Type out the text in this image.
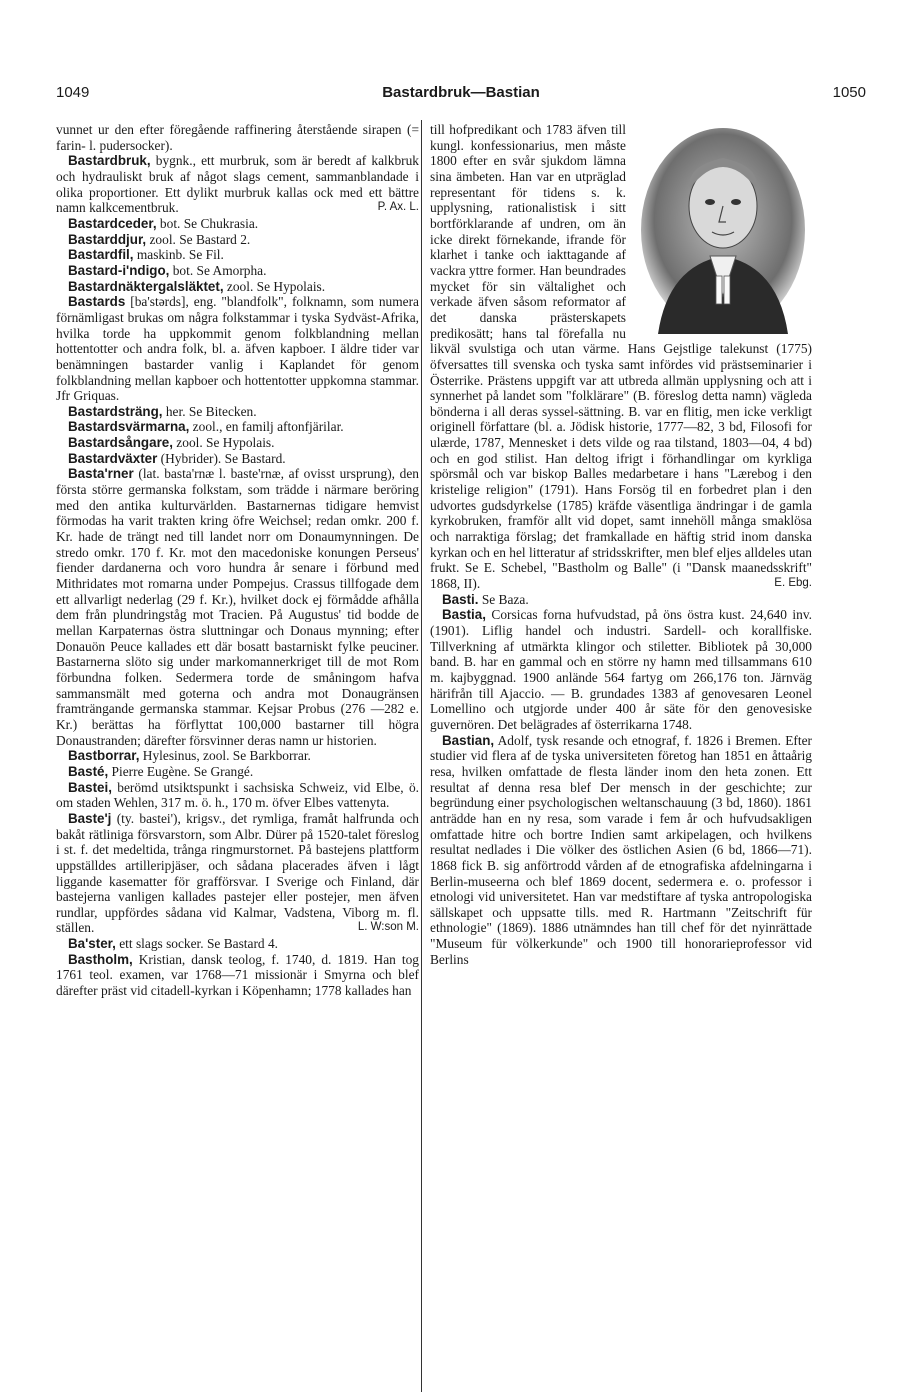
1049	Bastardbruk—Bastian	1050

vunnet ur den efter föregående raffinering återstående sirapen (= farin- l. pudersocker).

Bastardbruk, bygnk., ett murbruk, som är beredt af kalkbruk och hydrauliskt bruk af något slags cement, sammanblandade i olika proportioner. Ett dylikt murbruk kallas ock med ett bättre namn kalkcementbruk.	P. Ax. L.

Bastardceder, bot. Se Chukrasia.

Bastarddjur, zool. Se Bastard 2.

Bastardfil, maskinb. Se Fil.

Bastard-i'ndigo, bot. Se Amorpha.

Bastardnäktergalsläktet, zool. Se Hypolais.

Bastards [ba'stərds], eng. "blandfolk", folknamn, som numera förnämligast brukas om några folkstammar i tyska Sydväst-Afrika, hvilka torde ha uppkommit genom folkblandning mellan hottentotter och andra folk, bl. a. äfven kapboer. I äldre tider var benämningen bastarder vanlig i Kaplandet för genom folkblandning mellan kapboer och hottentotter uppkomna stammar. Jfr Griquas.

Bastardsträng, her. Se Bitecken.

Bastardsvärmarna, zool., en familj aftonfjärilar.

Bastardsångare, zool. Se Hypolais.

Bastardväxter (Hybrider). Se Bastard.

Basta'rner (lat. basta'rnæ l. baste'rnæ, af ovisst ursprung), den första större germanska folkstam, som trädde i närmare beröring med den antika kulturvärlden. Bastarnernas tidigare hemvist förmodas ha varit trakten kring öfre Weichsel; redan omkr. 200 f. Kr. hade de trängt ned till landet norr om Donaumynningen. De stredo omkr. 170 f. Kr. mot den macedoniske konungen Perseus' fiender dardanerna och voro hundra år senare i förbund med Mithridates mot romarna under Pompejus. Crassus tillfogade dem ett allvarligt nederlag (29 f. Kr.), hvilket dock ej förmådde afhålla dem från plundringståg mot Tracien. På Augustus' tid bodde de mellan Karpaternas östra sluttningar och Donaus mynning; efter Donauön Peuce kallades ett där bosatt bastarniskt fylke peuciner. Bastarnerna slöto sig under markomannerkriget till de mot Rom förbundna folken. Sedermera torde de småningom hafva sammansmält med goterna och andra mot Donaugränsen framträngande germanska stammar. Kejsar Probus (276 —282 e. Kr.) berättas ha förflyttat 100,000 bastarner till högra Donaustranden; därefter försvinner deras namn ur historien.

Bastborrar, Hylesinus, zool. Se Barkborrar.

Basté, Pierre Eugène. Se Grangé.

Bastei, berömd utsiktspunkt i sachsiska Schweiz, vid Elbe, ö. om staden Wehlen, 317 m. ö. h., 170 m. öfver Elbes vattenyta.

Baste'j (ty. bastei'), krigsv., det rymliga, framåt halfrunda och bakåt rätliniga försvarstorn, som Albr. Dürer på 1520-talet föreslog i st. f. det medeltida, trånga ringmurstornet. På bastejens plattform uppställdes artilleripjäser, och sådana placerades äfven i lågt liggande kasematter för grafförsvar. I Sverige och Finland, där bastejerna vanligen kallades pastejer eller postejer, men äfven rundlar, uppfördes sådana vid Kalmar, Vadstena, Viborg m. fl. ställen.	L. W:son M.

Ba'ster, ett slags socker. Se Bastard 4.

Bastholm, Kristian, dansk teolog, f. 1740, d. 1819. Han tog 1761 teol. examen, var 1768—71 missionär i Smyrna och blef därefter präst vid citadell-kyrkan i Köpenhamn; 1778 kallades han

till hofpredikant och 1783 äfven till kungl. konfessionarius, men måste 1800 efter en svår sjukdom lämna sina ämbeten. Han var en utpräglad representant för tidens s. k. upplysning, rationalistisk i sitt bortförklarande af undren, om än icke direkt förnekande, ifrande för klarhet i tanke och iakttagande af vackra yttre former. Han beundrades mycket för sin vältalighet och verkade äfven såsom reformator af det danska prästerskapets predikosätt; hans tal förefalla nu likväl svulstiga och utan värme. Hans Gejstlige talekunst (1775) öfversattes till svenska och tyska samt infördes vid prästseminarier i Österrike. Prästens uppgift var att utbreda allmän upplysning och att i synnerhet på landet som "folklärare" (B. föreslog detta namn) vägleda bönderna i all deras syssel-sättning. B. var en flitig, men icke verkligt originell författare (bl. a. Jödisk historie, 1777—82, 3 bd, Filosofi for ulærde, 1787, Mennesket i dets vilde og raa tilstand, 1803—04, 4 bd) och en god stilist. Han deltog ifrigt i förhandlingar om kyrkliga spörsmål och var biskop Balles medarbetare i hans "Lærebog i den kristelige religion" (1791). Hans Forsög til en forbedret plan i den udvortes gudsdyrkelse (1785) kräfde väsentliga ändringar i de gamla kyrkobruken, framför allt vid dopet, samt innehöll många smaklösa och narraktiga förslag; det framkallade en häftig strid inom danska kyrkan och en hel litteratur af stridsskrifter, men blef eljes alldeles utan frukt. Se E. Schebel, "Bastholm og Balle" (i "Dansk maanedsskrift" 1868, II).	E. Ebg.

Basti. Se Baza.

Bastia, Corsicas forna hufvudstad, på öns östra kust. 24,640 inv. (1901). Liflig handel och industri. Sardell- och korallfiske. Tillverkning af utmärkta klingor och stiletter. Bibliotek på 30,000 band. B. har en gammal och en större ny hamn med tillsammans 610 m. kajbyggnad. 1900 anlände 564 fartyg om 266,176 ton. Järnväg härifrån till Ajaccio. — B. grundades 1383 af genovesaren Leonel Lomellino och utgjorde under 400 år säte för den genovesiske guvernören. Det belägrades af österrikarna 1748.

Bastian, Adolf, tysk resande och etnograf, f. 1826 i Bremen. Efter studier vid flera af de tyska universiteten företog han 1851 en åttaårig resa, hvilken omfattade de flesta länder inom den heta zonen. Ett resultat af denna resa blef Der mensch in der geschichte; zur begründung einer psychologischen weltanschauung (3 bd, 1860). 1861 anträdde han en ny resa, som varade i fem år och hufvudsakligen omfattade hitre och bortre Indien samt arkipelagen, och hvilkens resultat nedlades i Die völker des östlichen Asien (6 bd, 1866—71). 1868 fick B. sig anförtrodd vården af de etnografiska afdelningarna i Berlin-museerna och blef 1869 docent, sedermera e. o. professor i etnologi vid universitetet. Han var medstiftare af tyska antropologiska sällskapet och uppsatte tills. med R. Hartmann "Zeitschrift für ethnologie" (1869). 1886 utnämndes han till chef för det nyinrättade "Museum für völkerkunde" och 1900 till honorarieprofessor vid Berlins
